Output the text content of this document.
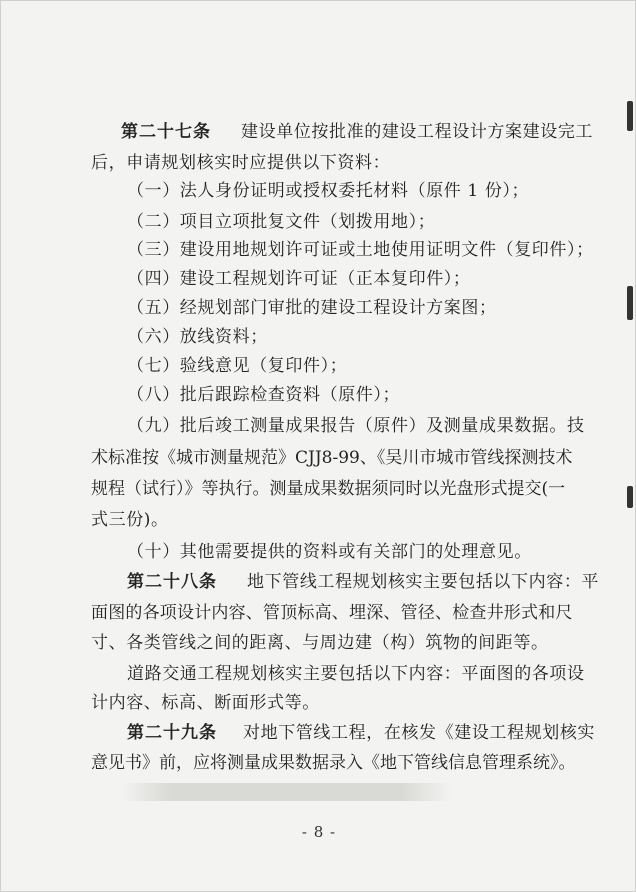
第二十七条 建设单位按批准的建设工程设计方案建设完工
后，申请规划核实时应提供以下资料：
（一）法人身份证明或授权委托材料（原件 1 份）；
（二）项目立项批复文件（划拨用地）；
（三）建设用地规划许可证或土地使用证明文件（复印件）；
（四）建设工程规划许可证（正本复印件）；
（五）经规划部门审批的建设工程设计方案图；
（六）放线资料；
（七）验线意见（复印件）；
（八）批后跟踪检查资料（原件）；
（九）批后竣工测量成果报告（原件）及测量成果数据。技
术标准按《城市测量规范》CJJ8-99、《吴川市城市管线探测技术
规程（试行）》等执行。测量成果数据须同时以光盘形式提交(一
式三份)。
（十）其他需要提供的资料或有关部门的处理意见。
第二十八条 地下管线工程规划核实主要包括以下内容：平
面图的各项设计内容、管顶标高、埋深、管径、检查井形式和尺
寸、各类管线之间的距离、与周边建（构）筑物的间距等。
道路交通工程规划核实主要包括以下内容：平面图的各项设
计内容、标高、断面形式等。
第二十九条 对地下管线工程，在核发《建设工程规划核实
意见书》前，应将测量成果数据录入《地下管线信息管理系统》。
- 8 -
